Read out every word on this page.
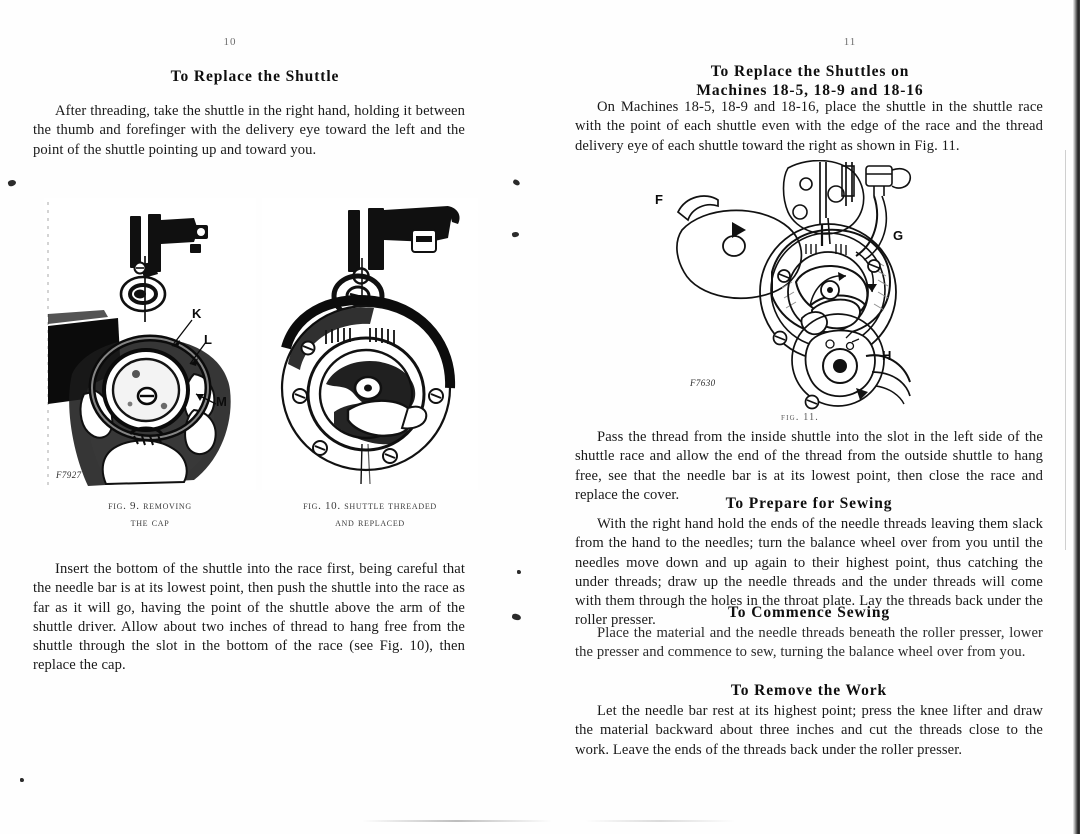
10
To Replace the Shuttle

After threading, take the shuttle in the right hand, holding it between the thumb and forefinger with the delivery eye toward the left and the point of the shuttle pointing up and toward you.

K
L
M
F7927
fig. 9. removing
the cap
fig. 10. shuttle threaded
and replaced

Insert the bottom of the shuttle into the race first, being careful that the needle bar is at its lowest point, then push the shuttle into the race as far as it will go, having the point of the shuttle above the arm of the shuttle driver. Allow about two inches of thread to hang free from the shuttle through the slot in the bottom of the race (see Fig. 10), then replace the cap.

11
To Replace the Shuttles on
Machines 18-5, 18-9 and 18-16

On Machines 18-5, 18-9 and 18-16, place the shuttle in the shuttle race with the point of each shuttle even with the edge of the race and the thread delivery eye of each shuttle toward the right as shown in Fig. 11.

F
G
H
F7630
fig. 11.

Pass the thread from the inside shuttle into the slot in the left side of the shuttle race and allow the end of the thread from the outside shuttle to hang free, see that the needle bar is at its lowest point, then close the race and replace the cover.

To Prepare for Sewing

With the right hand hold the ends of the needle threads leaving them slack from the hand to the needles; turn the balance wheel over from you until the needles move down and up again to their highest point, thus catching the under threads; draw up the needle threads and the under threads will come with them through the holes in the throat plate. Lay the threads back under the roller presser.	To Commence Sewing

Place the material and the needle threads beneath the roller presser, lower the presser and commence to sew, turning the balance wheel over from you.

To Remove the Work

Let the needle bar rest at its highest point; press the knee lifter and draw the material backward about three inches and cut the threads close to the work. Leave the ends of the threads back under the roller presser.
